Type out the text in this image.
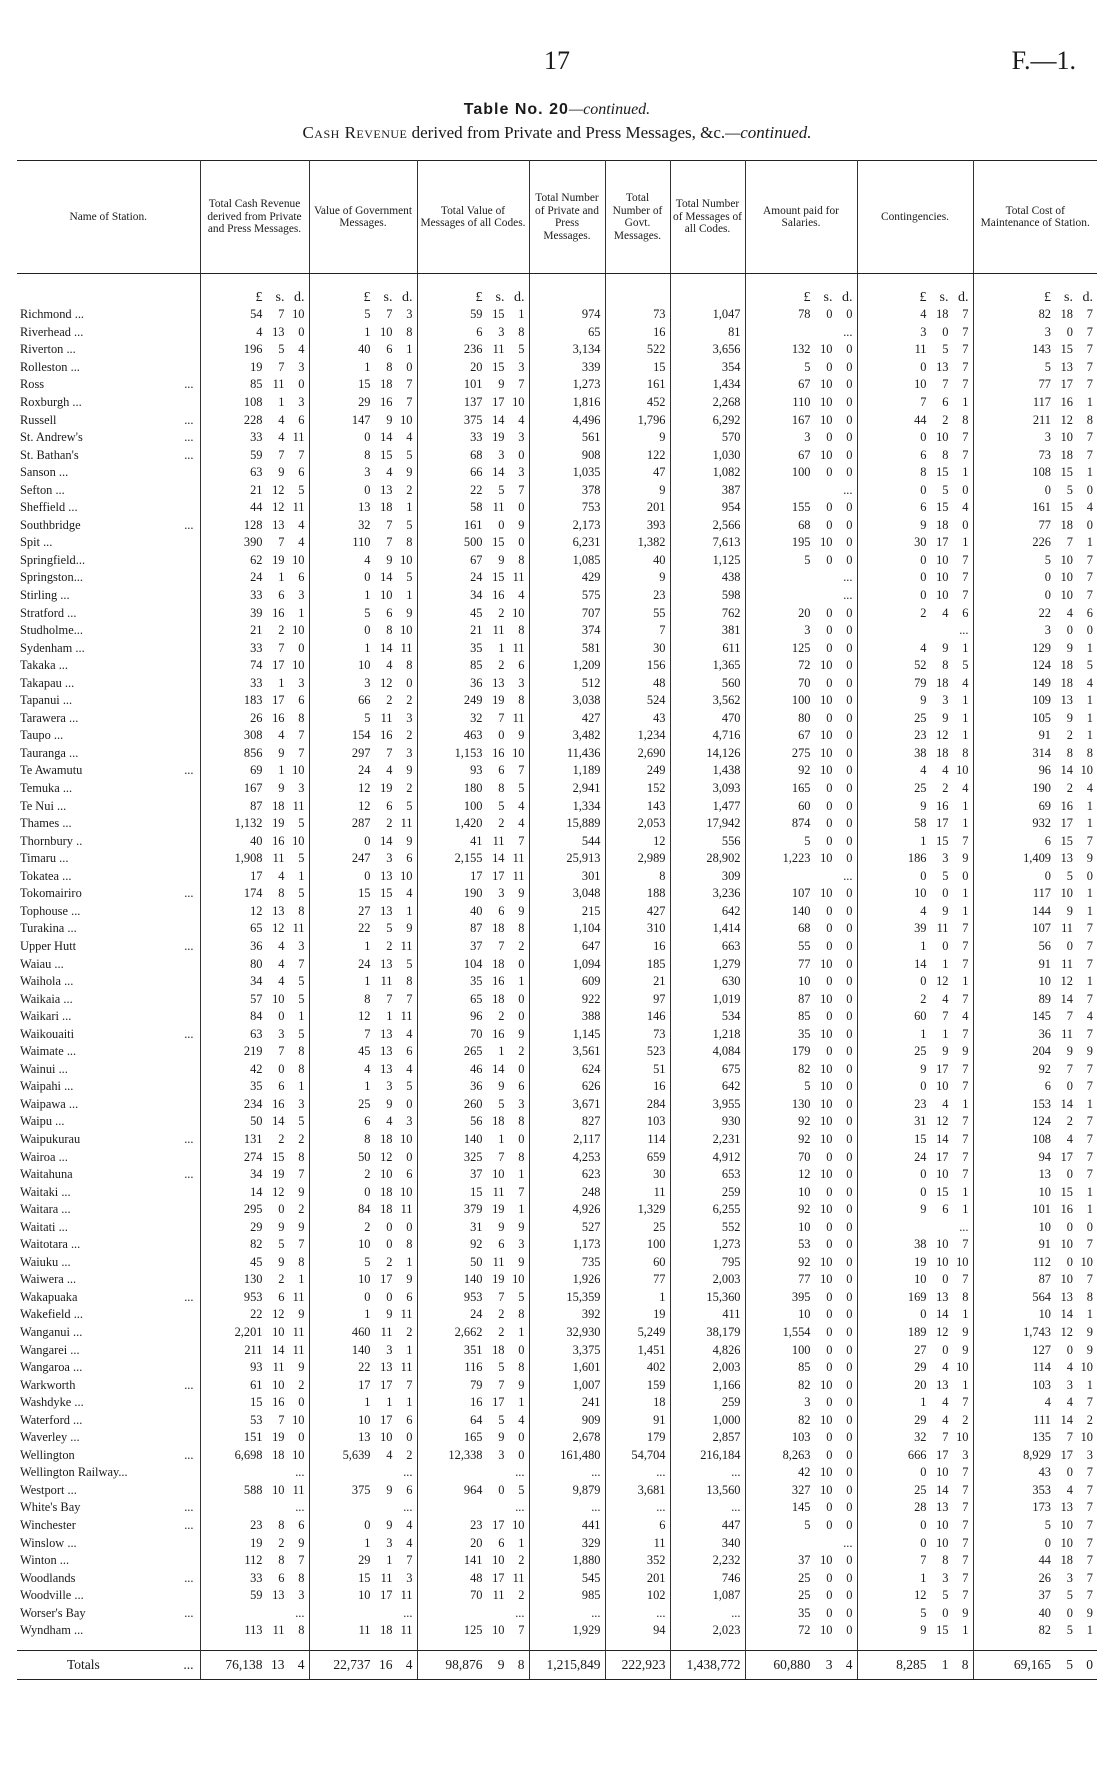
17	F.—1.
Table No. 20—continued.
Cash Revenue derived from Private and Press Messages, &c.—continued.
Name of Station.	Total Cash Revenue derived from Private and Press Messages.	Value of Government Messages.	Total Value of Messages of all Codes.	Total Number of Private and Press Messages.	Total Number of Govt. Messages.	Total Number of Messages of all Codes.	Amount paid for Salaries.	Contingencies.	Total Cost of Maintenance of Station.

	£ s. d.	£ s. d.	£ s. d.				£ s. d.	£ s. d.	£ s. d.

Richmond ...	54 7 10	5 7 3	59 15 1	974	73	1,047	78 0 0	4 18 7	82 18 7

Riverhead ...	4 13 0	1 10 8	6 3 8	65	16	81	...	3 0 7	3 0 7

Riverton ...	196 5 4	40 6 1	236 11 5	3,134	522	3,656	132 10 0	11 5 7	143 15 7

Rolleston ...	19 7 3	1 8 0	20 15 3	339	15	354	5 0 0	0 13 7	5 13 7

Ross ...	85 11 0	15 18 7	101 9 7	1,273	161	1,434	67 10 0	10 7 7	77 17 7

Roxburgh ...	108 1 3	29 16 7	137 17 10	1,816	452	2,268	110 10 0	7 6 1	117 16 1

Russell ...	228 4 6	147 9 10	375 14 4	4,496	1,796	6,292	167 10 0	44 2 8	211 12 8

St. Andrew's ...	33 4 11	0 14 4	33 19 3	561	9	570	3 0 0	0 10 7	3 10 7

St. Bathan's ...	59 7 7	8 15 5	68 3 0	908	122	1,030	67 10 0	6 8 7	73 18 7

Sanson ...	63 9 6	3 4 9	66 14 3	1,035	47	1,082	100 0 0	8 15 1	108 15 1

Sefton ...	21 12 5	0 13 2	22 5 7	378	9	387	...	0 5 0	0 5 0

Sheffield ...	44 12 11	13 18 1	58 11 0	753	201	954	155 0 0	6 15 4	161 15 4

Southbridge ...	128 13 4	32 7 5	161 0 9	2,173	393	2,566	68 0 0	9 18 0	77 18 0

Spit ...	390 7 4	110 7 8	500 15 0	6,231	1,382	7,613	195 10 0	30 17 1	226 7 1

Springfield...	62 19 10	4 9 10	67 9 8	1,085	40	1,125	5 0 0	0 10 7	5 10 7

Springston...	24 1 6	0 14 5	24 15 11	429	9	438	...	0 10 7	0 10 7

Stirling ...	33 6 3	1 10 1	34 16 4	575	23	598	...	0 10 7	0 10 7

Stratford ...	39 16 1	5 6 9	45 2 10	707	55	762	20 0 0	2 4 6	22 4 6

Studholme...	21 2 10	0 8 10	21 11 8	374	7	381	3 0 0	...	3 0 0

Sydenham ...	33 7 0	1 14 11	35 1 11	581	30	611	125 0 0	4 9 1	129 9 1

Takaka ...	74 17 10	10 4 8	85 2 6	1,209	156	1,365	72 10 0	52 8 5	124 18 5

Takapau ...	33 1 3	3 12 0	36 13 3	512	48	560	70 0 0	79 18 4	149 18 4

Tapanui ...	183 17 6	66 2 2	249 19 8	3,038	524	3,562	100 10 0	9 3 1	109 13 1

Tarawera ...	26 16 8	5 11 3	32 7 11	427	43	470	80 0 0	25 9 1	105 9 1

Taupo ...	308 4 7	154 16 2	463 0 9	3,482	1,234	4,716	67 10 0	23 12 1	91 2 1

Tauranga ...	856 9 7	297 7 3	1,153 16 10	11,436	2,690	14,126	275 10 0	38 18 8	314 8 8

Te Awamutu ...	69 1 10	24 4 9	93 6 7	1,189	249	1,438	92 10 0	4 4 10	96 14 10

Temuka ...	167 9 3	12 19 2	180 8 5	2,941	152	3,093	165 0 0	25 2 4	190 2 4

Te Nui ...	87 18 11	12 6 5	100 5 4	1,334	143	1,477	60 0 0	9 16 1	69 16 1

Thames ...	1,132 19 5	287 2 11	1,420 2 4	15,889	2,053	17,942	874 0 0	58 17 1	932 17 1

Thornbury ..	40 16 10	0 14 9	41 11 7	544	12	556	5 0 0	1 15 7	6 15 7

Timaru ...	1,908 11 5	247 3 6	2,155 14 11	25,913	2,989	28,902	1,223 10 0	186 3 9	1,409 13 9

Tokatea ...	17 4 1	0 13 10	17 17 11	301	8	309	...	0 5 0	0 5 0

Tokomairiro ...	174 8 5	15 15 4	190 3 9	3,048	188	3,236	107 10 0	10 0 1	117 10 1

Tophouse ...	12 13 8	27 13 1	40 6 9	215	427	642	140 0 0	4 9 1	144 9 1

Turakina ...	65 12 11	22 5 9	87 18 8	1,104	310	1,414	68 0 0	39 11 7	107 11 7

Upper Hutt ...	36 4 3	1 2 11	37 7 2	647	16	663	55 0 0	1 0 7	56 0 7

Waiau ...	80 4 7	24 13 5	104 18 0	1,094	185	1,279	77 10 0	14 1 7	91 11 7

Waihola ...	34 4 5	1 11 8	35 16 1	609	21	630	10 0 0	0 12 1	10 12 1

Waikaia ...	57 10 5	8 7 7	65 18 0	922	97	1,019	87 10 0	2 4 7	89 14 7

Waikari ...	84 0 1	12 1 11	96 2 0	388	146	534	85 0 0	60 7 4	145 7 4

Waikouaiti ...	63 3 5	7 13 4	70 16 9	1,145	73	1,218	35 10 0	1 1 7	36 11 7

Waimate ...	219 7 8	45 13 6	265 1 2	3,561	523	4,084	179 0 0	25 9 9	204 9 9

Wainui ...	42 0 8	4 13 4	46 14 0	624	51	675	82 10 0	9 17 7	92 7 7

Waipahi ...	35 6 1	1 3 5	36 9 6	626	16	642	5 10 0	0 10 7	6 0 7

Waipawa ...	234 16 3	25 9 0	260 5 3	3,671	284	3,955	130 10 0	23 4 1	153 14 1

Waipu ...	50 14 5	6 4 3	56 18 8	827	103	930	92 10 0	31 12 7	124 2 7

Waipukurau ...	131 2 2	8 18 10	140 1 0	2,117	114	2,231	92 10 0	15 14 7	108 4 7

Wairoa ...	274 15 8	50 12 0	325 7 8	4,253	659	4,912	70 0 0	24 17 7	94 17 7

Waitahuna ...	34 19 7	2 10 6	37 10 1	623	30	653	12 10 0	0 10 7	13 0 7

Waitaki ...	14 12 9	0 18 10	15 11 7	248	11	259	10 0 0	0 15 1	10 15 1

Waitara ...	295 0 2	84 18 11	379 19 1	4,926	1,329	6,255	92 10 0	9 6 1	101 16 1

Waitati ...	29 9 9	2 0 0	31 9 9	527	25	552	10 0 0	...	10 0 0

Waitotara ...	82 5 7	10 0 8	92 6 3	1,173	100	1,273	53 0 0	38 10 7	91 10 7

Waiuku ...	45 9 8	5 2 1	50 11 9	735	60	795	92 10 0	19 10 10	112 0 10

Waiwera ...	130 2 1	10 17 9	140 19 10	1,926	77	2,003	77 10 0	10 0 7	87 10 7

Wakapuaka ...	953 6 11	0 0 6	953 7 5	15,359	1	15,360	395 0 0	169 13 8	564 13 8

Wakefield ...	22 12 9	1 9 11	24 2 8	392	19	411	10 0 0	0 14 1	10 14 1

Wanganui ...	2,201 10 11	460 11 2	2,662 2 1	32,930	5,249	38,179	1,554 0 0	189 12 9	1,743 12 9

Wangarei ...	211 14 11	140 3 1	351 18 0	3,375	1,451	4,826	100 0 0	27 0 9	127 0 9

Wangaroa ...	93 11 9	22 13 11	116 5 8	1,601	402	2,003	85 0 0	29 4 10	114 4 10

Warkworth ...	61 10 2	17 17 7	79 7 9	1,007	159	1,166	82 10 0	20 13 1	103 3 1

Washdyke ...	15 16 0	1 1 1	16 17 1	241	18	259	3 0 0	1 4 7	4 4 7

Waterford ...	53 7 10	10 17 6	64 5 4	909	91	1,000	82 10 0	29 4 2	111 14 2

Waverley ...	151 19 0	13 10 0	165 9 0	2,678	179	2,857	103 0 0	32 7 10	135 7 10

Wellington ...	6,698 18 10	5,639 4 2	12,338 3 0	161,480	54,704	216,184	8,263 0 0	666 17 3	8,929 17 3

Wellington Railway...	...	...	...	...	...	...	42 10 0	0 10 7	43 0 7

Westport ...	588 10 11	375 9 6	964 0 5	9,879	3,681	13,560	327 10 0	25 14 7	353 4 7

White's Bay ...	...	...	...	...	...	...	145 0 0	28 13 7	173 13 7

Winchester ...	23 8 6	0 9 4	23 17 10	441	6	447	5 0 0	0 10 7	5 10 7

Winslow ...	19 2 9	1 3 4	20 6 1	329	11	340	...	0 10 7	0 10 7

Winton ...	112 8 7	29 1 7	141 10 2	1,880	352	2,232	37 10 0	7 8 7	44 18 7

Woodlands ...	33 6 8	15 11 3	48 17 11	545	201	746	25 0 0	1 3 7	26 3 7

Woodville ...	59 13 3	10 17 11	70 11 2	985	102	1,087	25 0 0	12 5 7	37 5 7

Worser's Bay ...	...	...	...	...	...	...	35 0 0	5 0 9	40 0 9

Wyndham ...	113 11 8	11 18 11	125 10 7	1,929	94	2,023	72 10 0	9 15 1	82 5 1

Totals ...	76,138 13 4	22,737 16 4	98,876 9 8	1,215,849	222,923	1,438,772	60,880 3 4	8,285 1 8	69,165 5 0
